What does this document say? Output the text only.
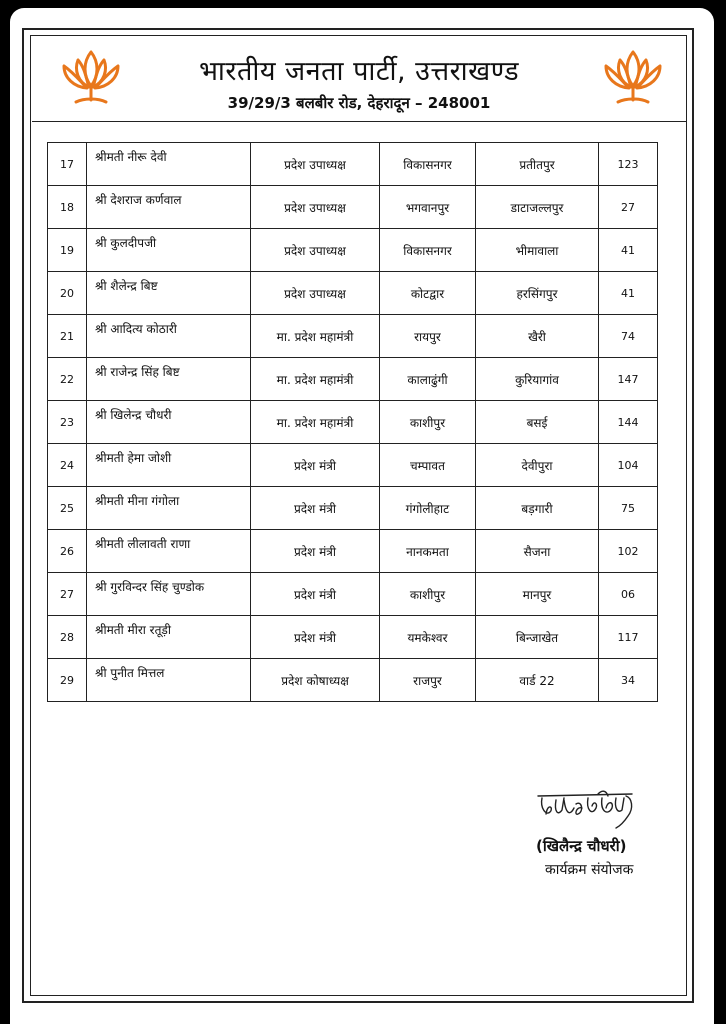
भारतीय जनता पार्टी, उत्तराखण्ड
39/29/3 बलबीर रोड, देहरादून – 248001
17	श्रीमती नीरू देवी	प्रदेश उपाध्यक्ष	विकासनगर	प्रतीतपुर	123
18	श्री देशराज कर्णवाल	प्रदेश उपाध्यक्ष	भगवानपुर	डाटाजल्लपुर	27
19	श्री कुलदीपजी	प्रदेश उपाध्यक्ष	विकासनगर	भीमावाला	41
20	श्री शैलेन्द्र बिष्ट	प्रदेश उपाध्यक्ष	कोटद्वार	हरसिंगपुर	41
21	श्री आदित्य कोठारी	मा. प्रदेश महामंत्री	रायपुर	खैरी	74
22	श्री राजेन्द्र सिंह बिष्ट	मा. प्रदेश महामंत्री	कालाढुंगी	कुरियागांव	147
23	श्री खिलेन्द्र चौधरी	मा. प्रदेश महामंत्री	काशीपुर	बसई	144
24	श्रीमती हेमा जोशी	प्रदेश मंत्री	चम्पावत	देवीपुरा	104
25	श्रीमती मीना गंगोला	प्रदेश मंत्री	गंगोलीहाट	बड़गारी	75
26	श्रीमती लीलावती राणा	प्रदेश मंत्री	नानकमता	सैजना	102
27	श्री गुरविन्दर सिंह चुण्डोक	प्रदेश मंत्री	काशीपुर	मानपुर	06
28	श्रीमती मीरा रतूड़ी	प्रदेश मंत्री	यमकेश्वर	बिन्जाखेत	117
29	श्री पुनीत मित्तल	प्रदेश कोषाध्यक्ष	राजपुर	वार्ड 22	34
(खिलैन्द्र चौधरी)
कार्यक्रम संयोजक
